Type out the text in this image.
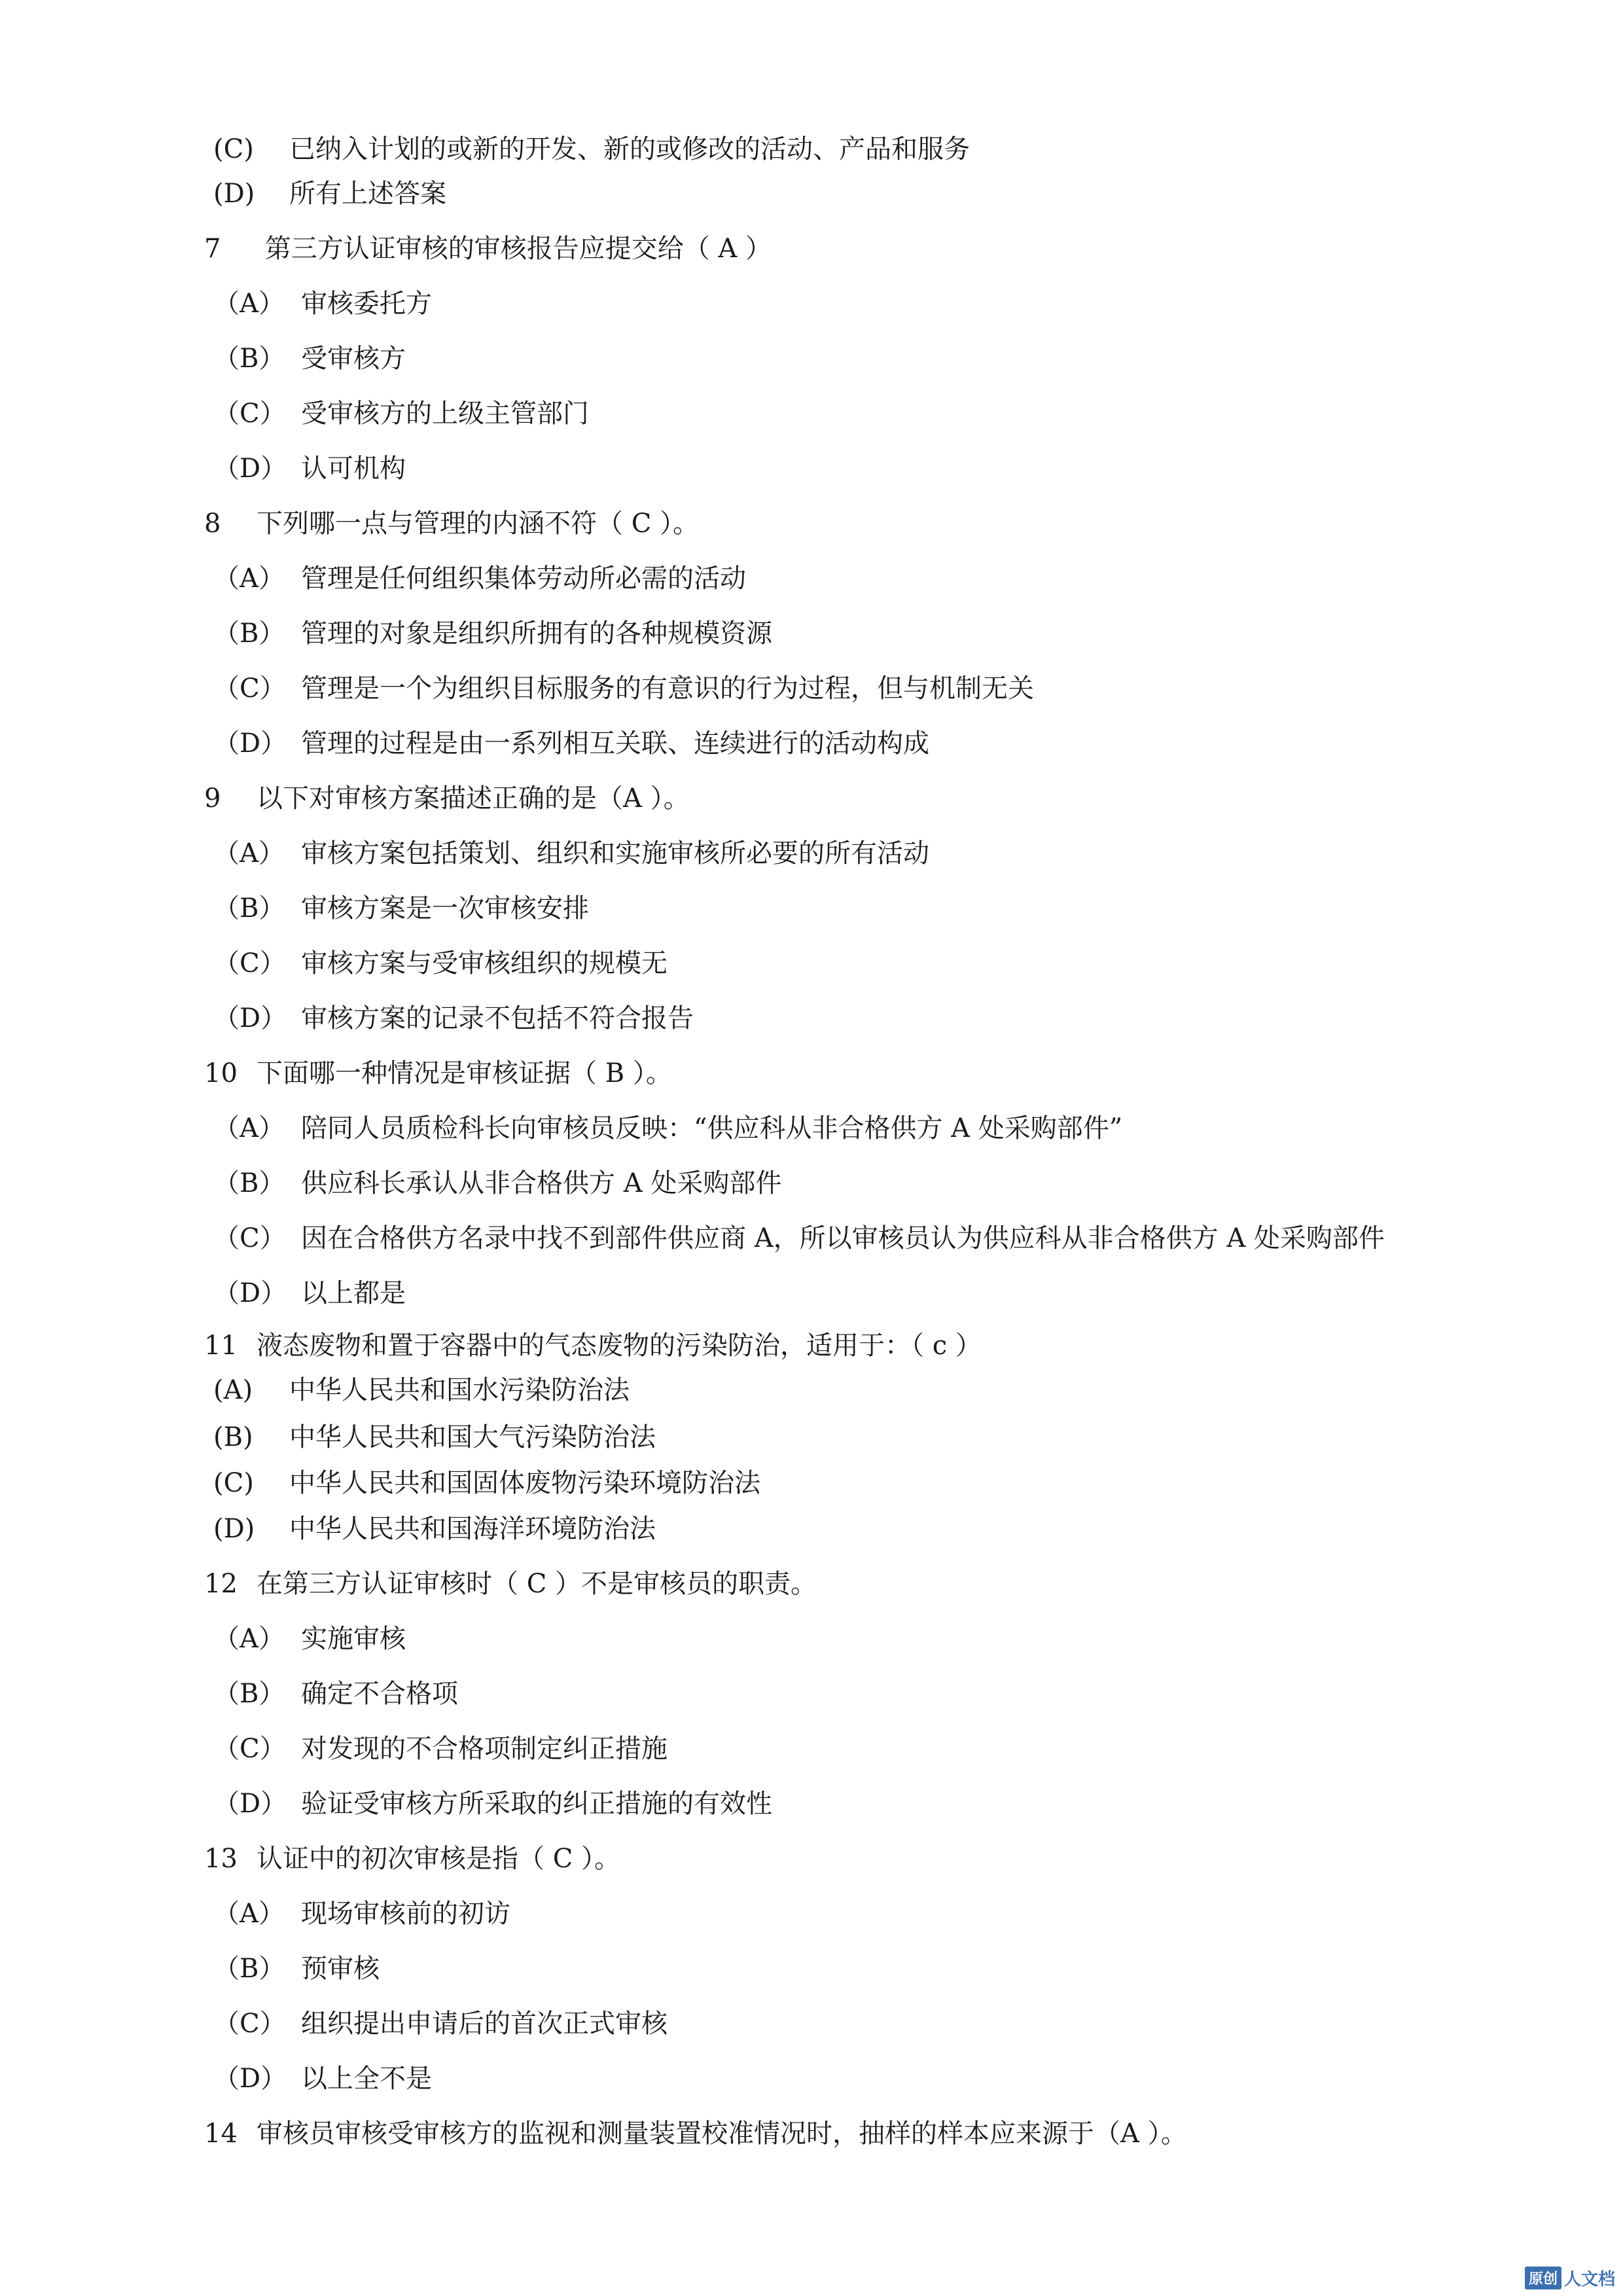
(C) 已纳入计划的或新的开发、新的或修改的活动、产品和服务
(D) 所有上述答案
7 第三方认证审核的审核报告应提交给（ A ）
（A） 审核委托方
（B） 受审核方
（C） 受审核方的上级主管部门
（D） 认可机构
8 下列哪一点与管理的内涵不符（ C ）。
（A） 管理是任何组织集体劳动所必需的活动
（B） 管理的对象是组织所拥有的各种规模资源
（C） 管理是一个为组织目标服务的有意识的行为过程，但与机制无关
（D） 管理的过程是由一系列相互关联、连续进行的活动构成
9 以下对审核方案描述正确的是（A ）。
（A） 审核方案包括策划、组织和实施审核所必要的所有活动
（B） 审核方案是一次审核安排
（C） 审核方案与受审核组织的规模无
（D） 审核方案的记录不包括不符合报告
10 下面哪一种情况是审核证据（ B ）。
（A） 陪同人员质检科长向审核员反映：“供应科从非合格供方 A 处采购部件”
（B） 供应科长承认从非合格供方 A 处采购部件
（C） 因在合格供方名录中找不到部件供应商 A，所以审核员认为供应科从非合格供方 A 处采购部件
（D） 以上都是
11 液态废物和置于容器中的气态废物的污染防治，适用于：（ c ）
(A) 中华人民共和国水污染防治法
(B) 中华人民共和国大气污染防治法
(C) 中华人民共和国固体废物污染环境防治法
(D) 中华人民共和国海洋环境防治法
12 在第三方认证审核时（ C ）不是审核员的职责。
（A） 实施审核
（B） 确定不合格项
（C） 对发现的不合格项制定纠正措施
（D） 验证受审核方所采取的纠正措施的有效性
13 认证中的初次审核是指（ C ）。
（A） 现场审核前的初访
（B） 预审核
（C） 组织提出申请后的首次正式审核
（D） 以上全不是
14 审核员审核受审核方的监视和测量装置校准情况时，抽样的样本应来源于（A ）。
原创 人文档
